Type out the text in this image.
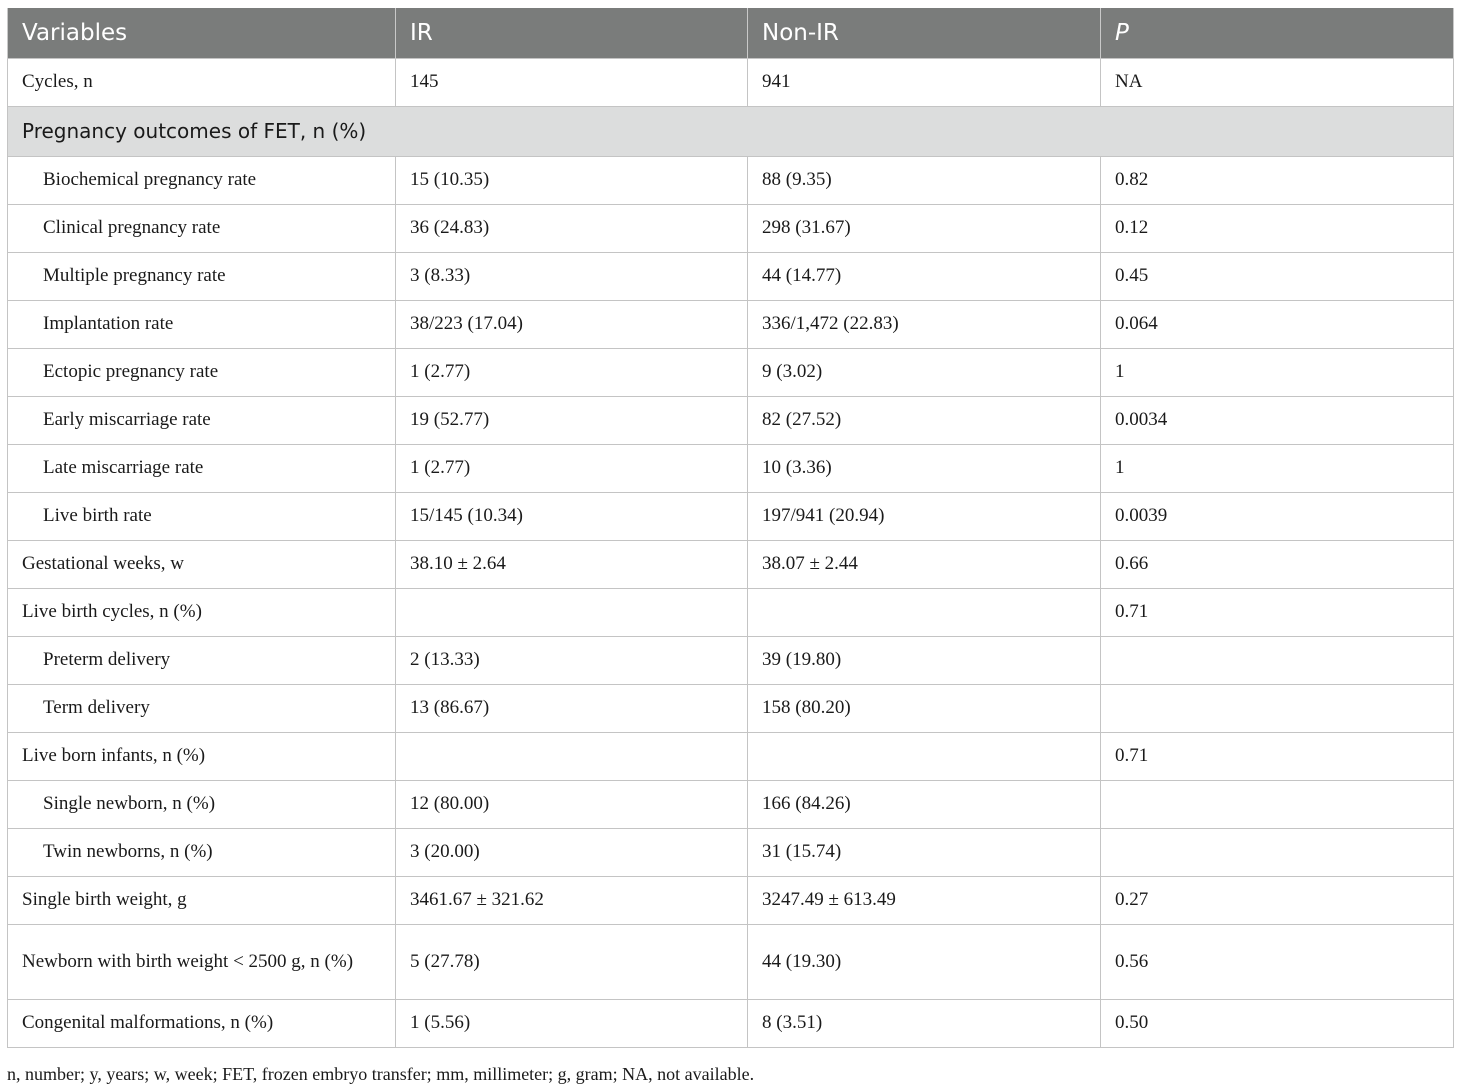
Variables	IR	Non-IR	P
Cycles, n	145	941	NA
Pregnancy outcomes of FET, n (%)			
Biochemical pregnancy rate	15 (10.35)	88 (9.35)	0.82
Clinical pregnancy rate	36 (24.83)	298 (31.67)	0.12
Multiple pregnancy rate	3 (8.33)	44 (14.77)	0.45
Implantation rate	38/223 (17.04)	336/1,472 (22.83)	0.064
Ectopic pregnancy rate	1 (2.77)	9 (3.02)	1
Early miscarriage rate	19 (52.77)	82 (27.52)	0.0034
Late miscarriage rate	1 (2.77)	10 (3.36)	1
Live birth rate	15/145 (10.34)	197/941 (20.94)	0.0039
Gestational weeks, w	38.10 ± 2.64	38.07 ± 2.44	0.66
Live birth cycles, n (%)			0.71
Preterm delivery	2 (13.33)	39 (19.80)	
Term delivery	13 (86.67)	158 (80.20)	
Live born infants, n (%)			0.71
Single newborn, n (%)	12 (80.00)	166 (84.26)	
Twin newborns, n (%)	3 (20.00)	31 (15.74)	
Single birth weight, g	3461.67 ± 321.62	3247.49 ± 613.49	0.27
Newborn with birth weight < 2500 g, n (%)	5 (27.78)	44 (19.30)	0.56
Congenital malformations, n (%)	1 (5.56)	8 (3.51)	0.50
n, number; y, years; w, week; FET, frozen embryo transfer; mm, millimeter; g, gram; NA, not available.
